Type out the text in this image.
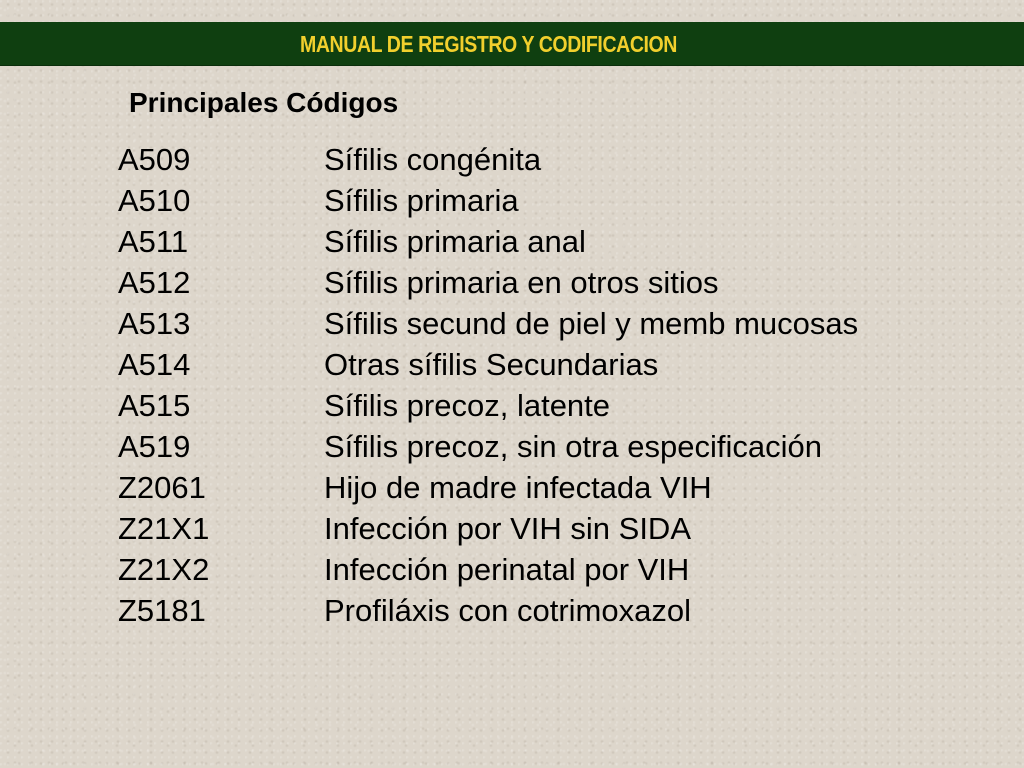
MANUAL DE REGISTRO Y CODIFICACION
Principales Códigos
A509	Sífilis congénita
A510	Sífilis primaria
A511	Sífilis primaria anal
A512	Sífilis primaria en otros sitios
A513	Sífilis secund de piel y memb mucosas
A514	Otras sífilis Secundarias
A515	Sífilis precoz, latente
A519	Sífilis precoz, sin otra especificación
Z2061	Hijo de madre infectada VIH
Z21X1	Infección por VIH sin SIDA
Z21X2	Infección perinatal por VIH
Z5181	Profiláxis con cotrimoxazol
